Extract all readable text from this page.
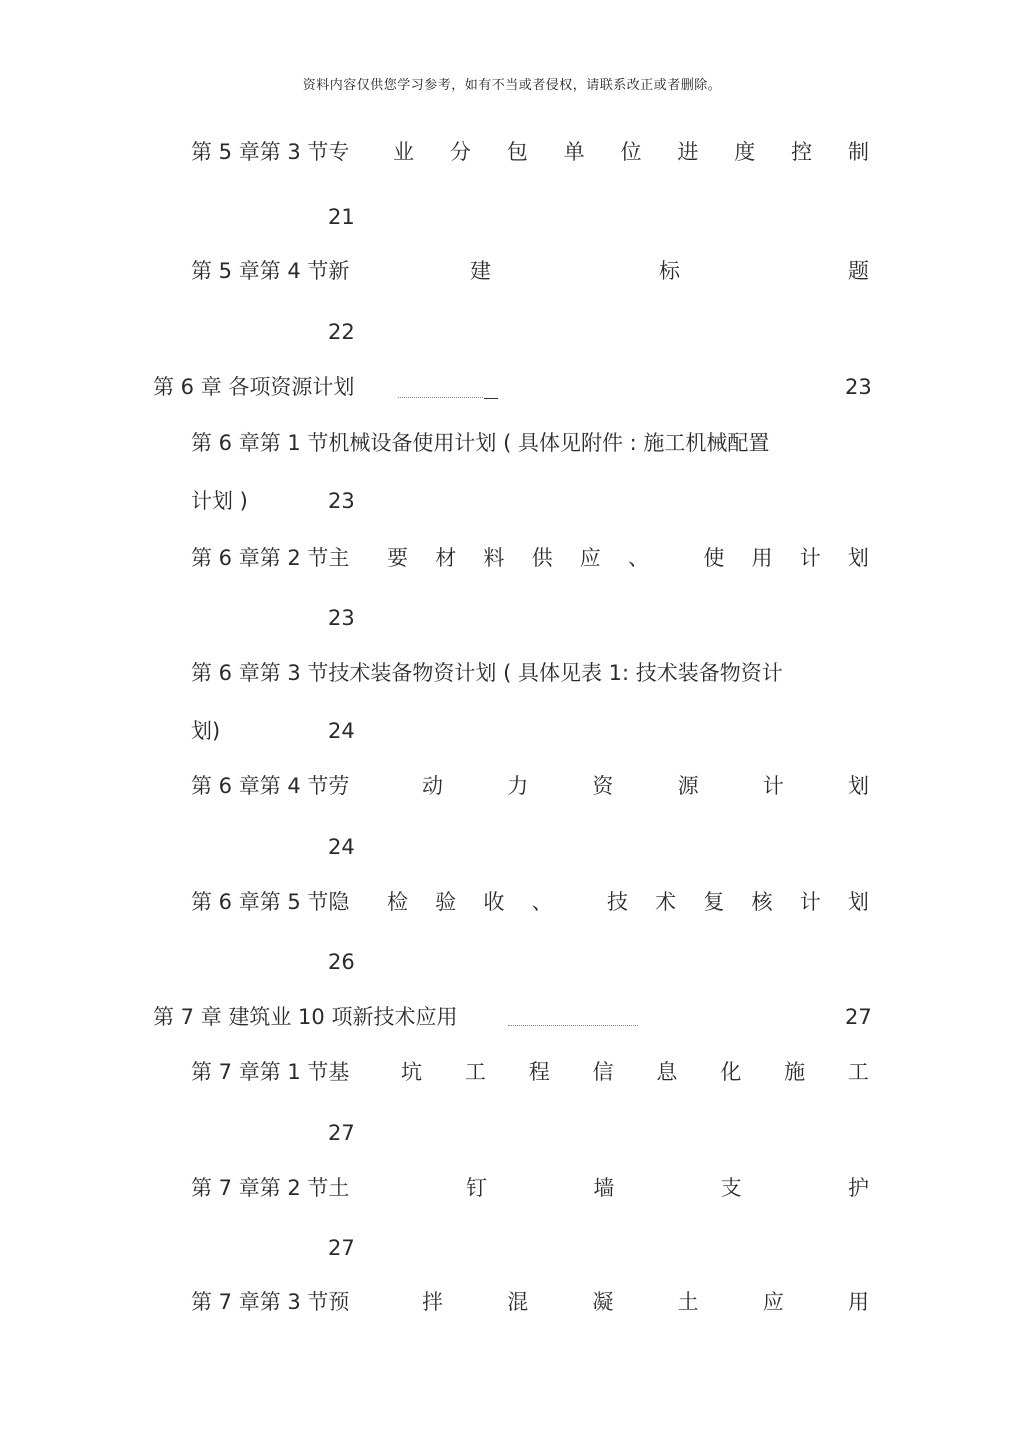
资料内容仅供您学习参考，如有不当或者侵权，请联系改正或者删除。
第 5 章第 3 节专 业 分 包 单 位 进 度 控 制
21
第 5 章第 4 节新	建	标	题
22
第 6 章 各项资源计划	23
第 6 章第 1 节机械设备使用计划 ( 具体见附件 : 施工机械配置
计划 )	23
第 6 章第 2 节主 要 材 料 供 应 、	使 用 计 划
23
第 6 章第 3 节技术装备物资计划 ( 具体见表 1: 技术装备物资计
划)	24
第 6 章第 4 节劳	动	力	资	源	计	划
24
第 6 章第 5 节隐 检 验 收 、	技 术 复 核 计 划
26
第 7 章 建筑业 10 项新技术应用	27
第 7 章第 1 节基 坑 工 程 信 息 化 施 工
27
第 7 章第 2 节土	钉	墙	支	护
27
第 7 章第 3 节预	拌	混	凝	土	应	用
